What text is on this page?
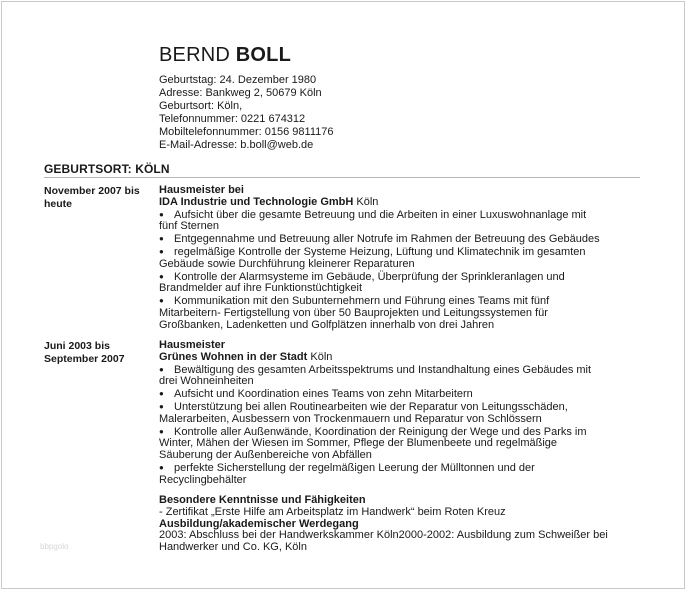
BERND BOLL
Geburtstag: 24. Dezember 1980
Adresse: Bankweg 2, 50679 Köln
Geburtsort: Köln,
Telefonnummer: 0221 674312
Mobiltelefonnummer: 0156 9811176
E-Mail-Adresse: b.boll@web.de
GEBURTSORT: KÖLN
November 2007 bis
heute
Hausmeister bei
IDA Industrie und Technologie GmbH Köln
● Aufsicht über die gesamte Betreuung und die Arbeiten in einer Luxuswohnanlage mit
fünf Sternen
● Entgegennahme und Betreuung aller Notrufe im Rahmen der Betreuung des Gebäudes
● regelmäßige Kontrolle der Systeme Heizung, Lüftung und Klimatechnik im gesamten
Gebäude sowie Durchführung kleinerer Reparaturen
● Kontrolle der Alarmsysteme im Gebäude, Überprüfung der Sprinkleranlagen und
Brandmelder auf ihre Funktionstüchtigkeit
● Kommunikation mit den Subunternehmern und Führung eines Teams mit fünf
Mitarbeitern- Fertigstellung von über 50 Bauprojekten und Leitungssystemen für
Großbanken, Ladenketten und Golfplätzen innerhalb von drei Jahren
Juni 2003 bis
September 2007
Hausmeister
Grünes Wohnen in der Stadt Köln
● Bewältigung des gesamten Arbeitsspektrums und Instandhaltung eines Gebäudes mit
drei Wohneinheiten
● Aufsicht und Koordination eines Teams von zehn Mitarbeitern
● Unterstützung bei allen Routinearbeiten wie der Reparatur von Leitungsschäden,
Malerarbeiten, Ausbessern von Trockenmauern und Reparatur von Schlössern
● Kontrolle aller Außenwände, Koordination der Reinigung der Wege und des Parks im
Winter, Mähen der Wiesen im Sommer, Pflege der Blumenbeete und regelmäßige
Säuberung der Außenbereiche von Abfällen
● perfekte Sicherstellung der regelmäßigen Leerung der Mülltonnen und der
Recyclingbehälter
Besondere Kenntnisse und Fähigkeiten
- Zertifikat „Erste Hilfe am Arbeitsplatz im Handwerk“ beim Roten Kreuz
Ausbildung/akademischer Werdegang
2003: Abschluss bei der Handwerkskammer Köln2000-2002: Ausbildung zum Schweißer bei
Handwerker und Co. KG, Köln
bbpgolo
